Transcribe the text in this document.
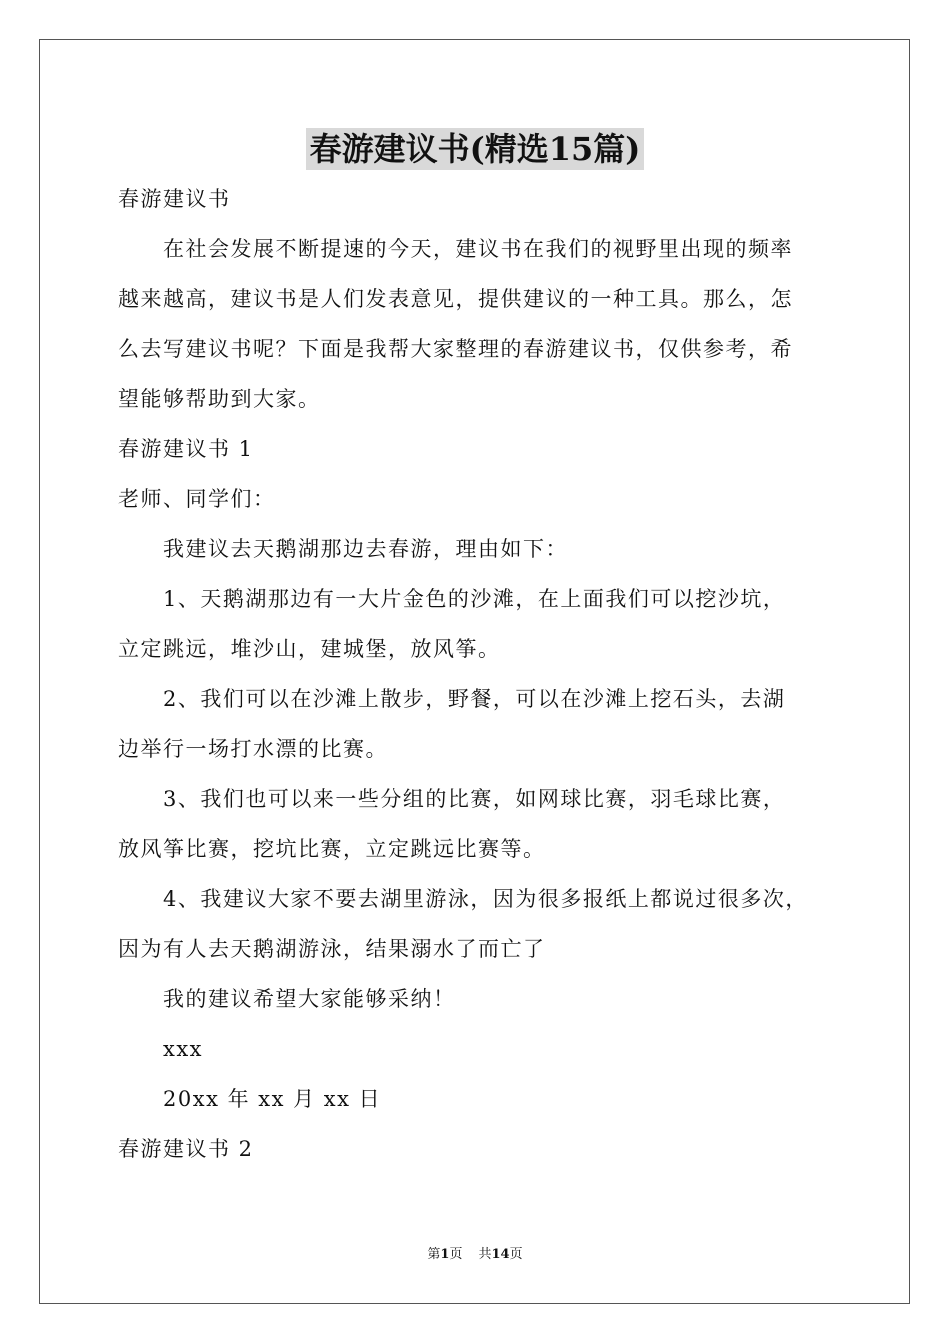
春游建议书(精选15篇)
春游建议书
在社会发展不断提速的今天，建议书在我们的视野里出现的频率
越来越高，建议书是人们发表意见，提供建议的一种工具。那么，怎
么去写建议书呢？下面是我帮大家整理的春游建议书，仅供参考，希
望能够帮助到大家。
春游建议书 1
老师、同学们：
我建议去天鹅湖那边去春游，理由如下：
1、天鹅湖那边有一大片金色的沙滩，在上面我们可以挖沙坑，
立定跳远，堆沙山，建城堡，放风筝。
2、我们可以在沙滩上散步，野餐，可以在沙滩上挖石头，去湖
边举行一场打水漂的比赛。
3、我们也可以来一些分组的比赛，如网球比赛，羽毛球比赛，
放风筝比赛，挖坑比赛，立定跳远比赛等。
4、我建议大家不要去湖里游泳，因为很多报纸上都说过很多次，
因为有人去天鹅湖游泳，结果溺水了而亡了
我的建议希望大家能够采纳！
xxx
20xx 年 xx 月 xx 日
春游建议书 2
第1页 共14页
